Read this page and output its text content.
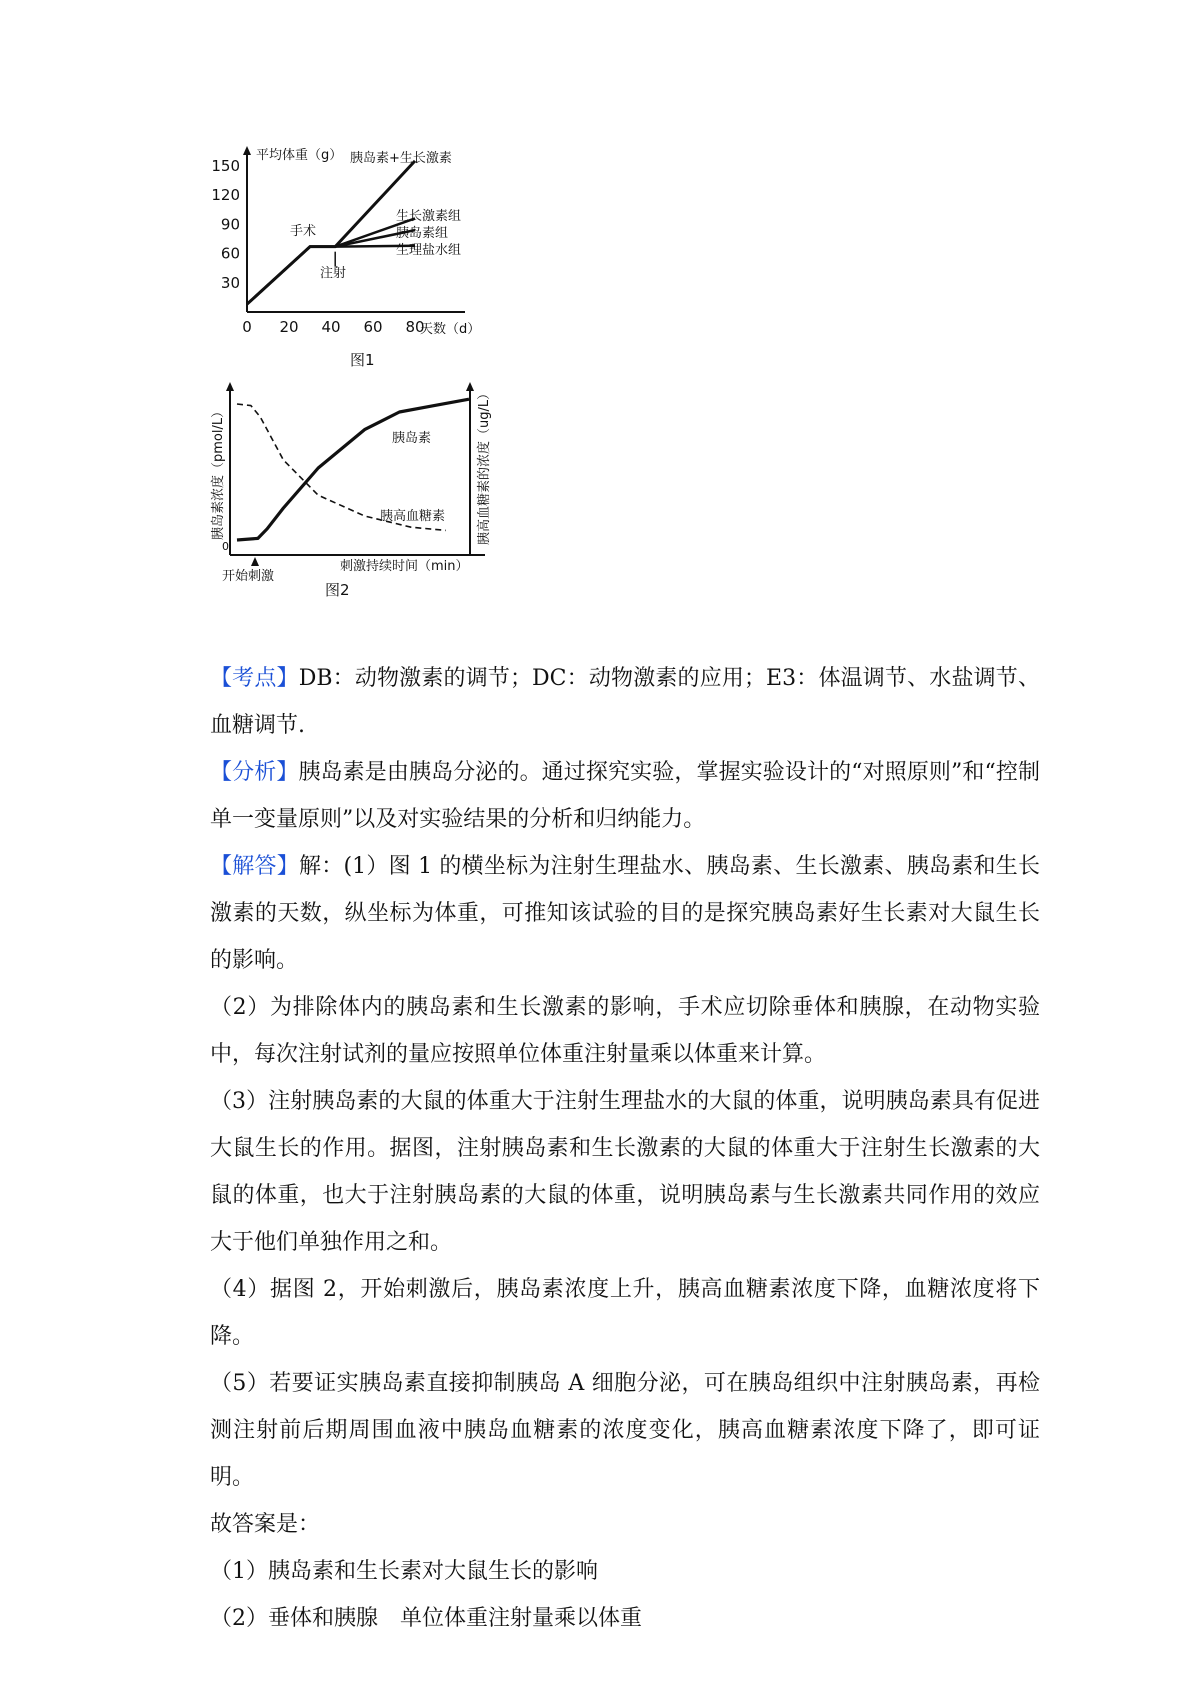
平均体重（g）
30
60
90
120
150
0 20 40 60 80
天数（d）
手术
注射
胰岛素+生长激素
生长激素组
胰岛素组
生理盐水组
图1
胰岛素浓度（pmol/L）	胰高血糖素的浓度（ug/L）
0
胰岛素
胰高血糖素
开始刺激
刺激持续时间（min）
图2

【考点】DB：动物激素的调节；DC：动物激素的应用；E3：体温调节、水盐调节、血糖调节.

【分析】胰岛素是由胰岛分泌的。通过探究实验，掌握实验设计的“对照原则”和“控制单一变量原则”以及对实验结果的分析和归纳能力。

【解答】解：(1）图 1 的横坐标为注射生理盐水、胰岛素、生长激素、胰岛素和生长激素的天数，纵坐标为体重，可推知该试验的目的是探究胰岛素好生长素对大鼠生长的影响。

（2）为排除体内的胰岛素和生长激素的影响，手术应切除垂体和胰腺，在动物实验中，每次注射试剂的量应按照单位体重注射量乘以体重来计算。

（3）注射胰岛素的大鼠的体重大于注射生理盐水的大鼠的体重，说明胰岛素具有促进大鼠生长的作用。据图，注射胰岛素和生长激素的大鼠的体重大于注射生长激素的大鼠的体重，也大于注射胰岛素的大鼠的体重，说明胰岛素与生长激素共同作用的效应大于他们单独作用之和。

（4）据图 2，开始刺激后，胰岛素浓度上升，胰高血糖素浓度下降，血糖浓度将下降。

（5）若要证实胰岛素直接抑制胰岛 A 细胞分泌，可在胰岛组织中注射胰岛素，再检测注射前后期周围血液中胰岛血糖素的浓度变化，胰高血糖素浓度下降了，即可证明。

故答案是：

（1）胰岛素和生长素对大鼠生长的影响

（2）垂体和胰腺　单位体重注射量乘以体重
